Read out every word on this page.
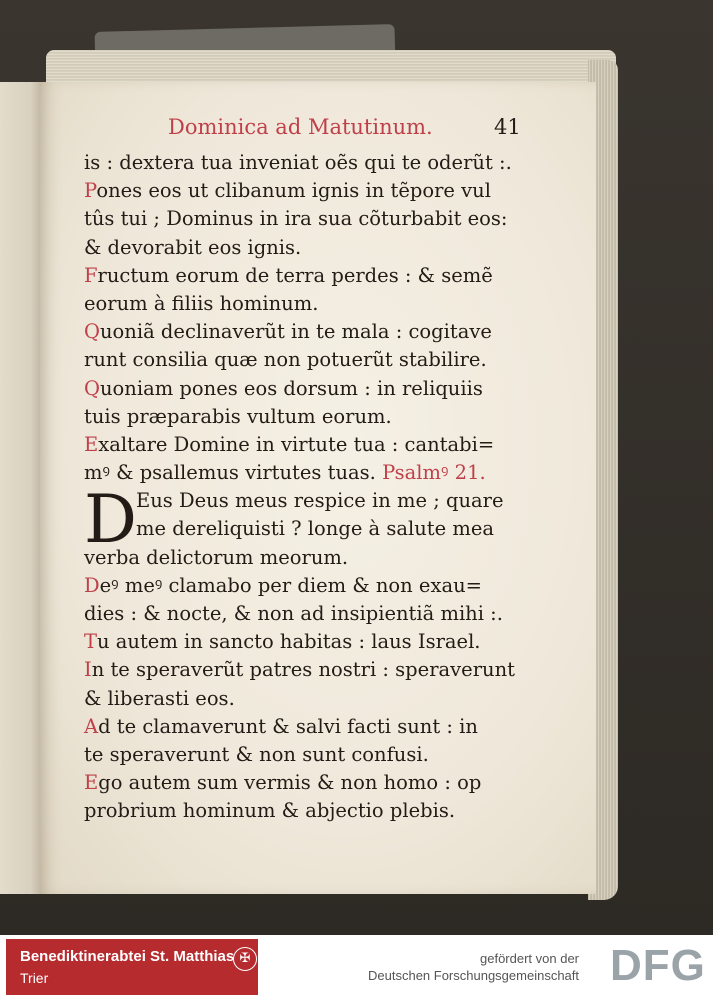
Dominica ad Matutinum.	41
is : dextera tua inveniat oẽs qui te oderũt :.
Pones eos ut clibanum ignis in tẽpore vul
tûs tui ; Dominus in ira sua cõturbabit eos:
& devorabit eos ignis.
Fructum eorum de terra perdes : & semẽ
eorum à filiis hominum.
Quoniã declinaverũt in te mala : cogitave
runt consilia quæ non potuerũt stabilire.
Quoniam pones eos dorsum : in reliquiis
tuis præparabis vultum eorum.
Exaltare Domine in virtute tua : cantabi=
mꝰ & psallemus virtutes tuas. Psalmꝰ 21.
D Eus Deus meus respice in me ; quare
me dereliquisti ? longe à salute mea
verba delictorum meorum.
Deꝰ meꝰ clamabo per diem & non exau=
dies : & nocte, & non ad insipientiã mihi :.
Tu autem in sancto habitas : laus Israel.
In te speraverũt patres nostri : speraverunt
& liberasti eos.
Ad te clamaverunt & salvi facti sunt : in
te speraverunt & non sunt confusi.
Ego autem sum vermis & non homo : op
probrium hominum & abjectio plebis.
Benediktinerabtei St. Matthias
Trier
✠	gefördert von der
Deutschen Forschungsgemeinschaft DFG
